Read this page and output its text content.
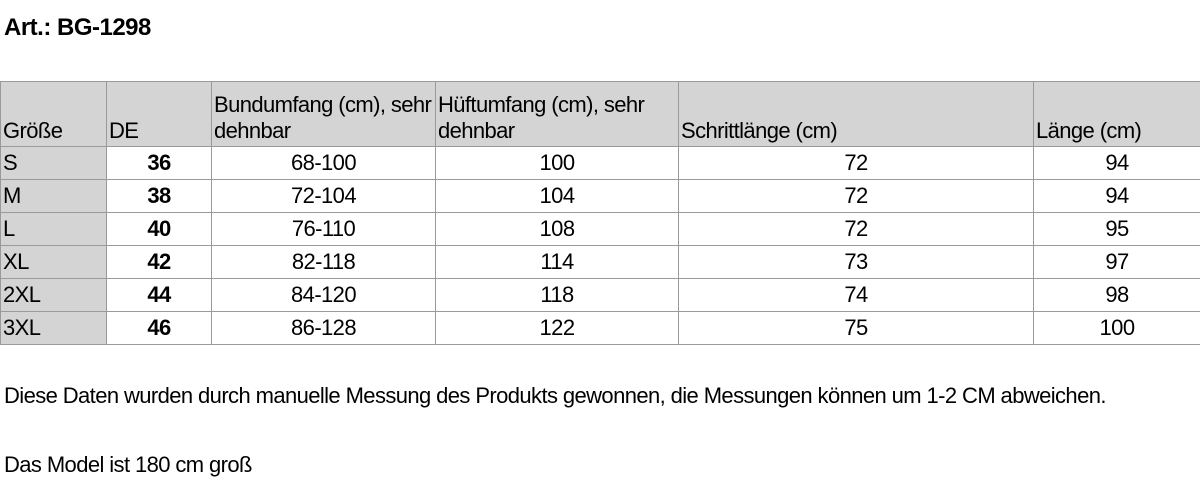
Art.: BG-1298
Größe	DE	Bundumfang (cm), sehr dehnbar	Hüftumfang (cm), sehr dehnbar	Schrittlänge (cm)	Länge (cm)
S	36	68-100	100	72	94
M	38	72-104	104	72	94
L	40	76-110	108	72	95
XL	42	82-118	114	73	97
2XL	44	84-120	118	74	98
3XL	46	86-128	122	75	100
Diese Daten wurden durch manuelle Messung des Produkts gewonnen, die Messungen können um 1-2 CM abweichen.
Das Model ist 180 cm groß
